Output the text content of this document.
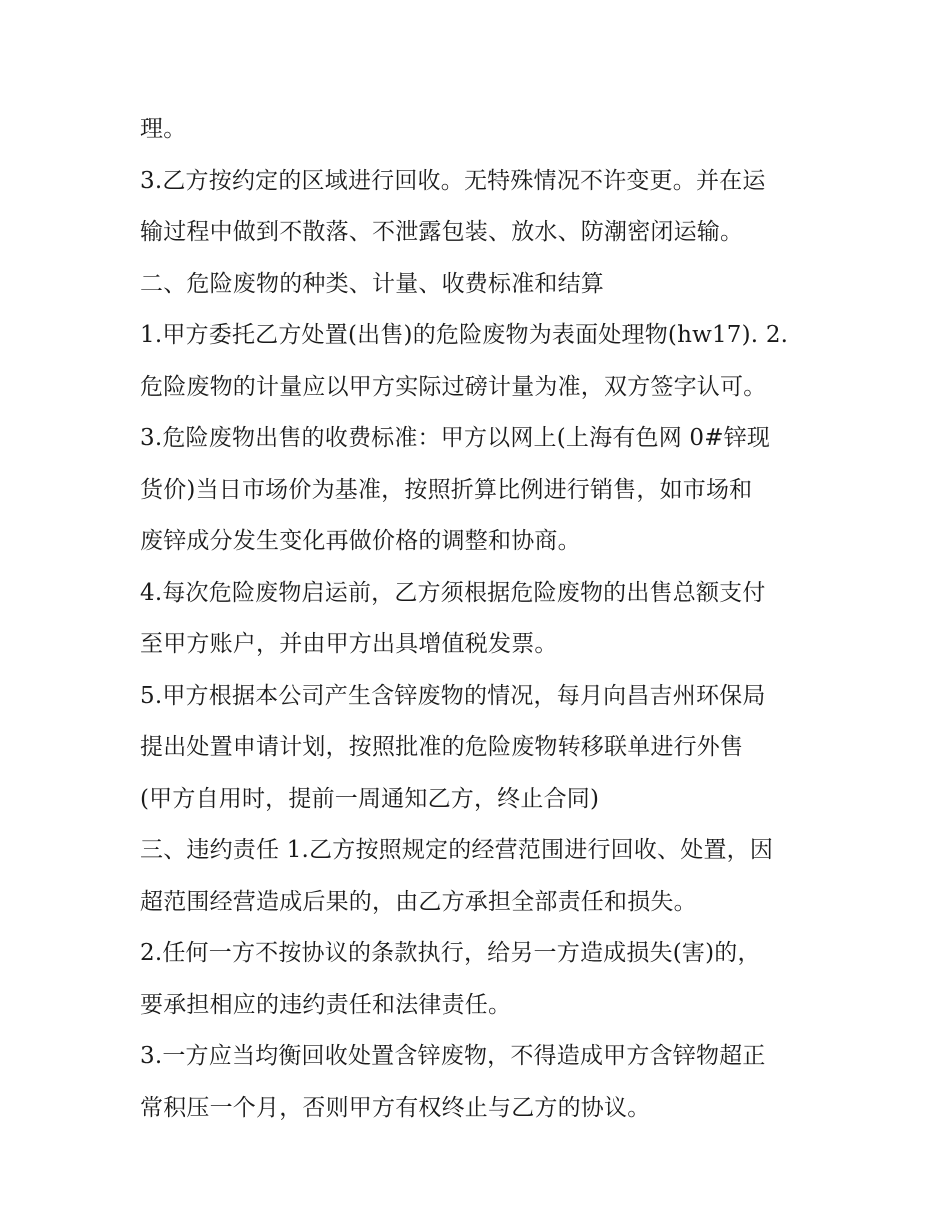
理。
3.乙方按约定的区域进行回收。无特殊情况不许变更。并在运
输过程中做到不散落、不泄露包装、放水、防潮密闭运输。
二、危险废物的种类、计量、收费标准和结算
1.甲方委托乙方处置(出售)的危险废物为表面处理物(hw17). 2.
危险废物的计量应以甲方实际过磅计量为准，双方签字认可。
3.危险废物出售的收费标准：甲方以网上(上海有色网 0#锌现
货价)当日市场价为基准，按照折算比例进行销售，如市场和
废锌成分发生变化再做价格的调整和协商。
4.每次危险废物启运前，乙方须根据危险废物的出售总额支付
至甲方账户，并由甲方出具增值税发票。
5.甲方根据本公司产生含锌废物的情况，每月向昌吉州环保局
提出处置申请计划，按照批准的危险废物转移联单进行外售
(甲方自用时，提前一周通知乙方，终止合同)
三、违约责任 1.乙方按照规定的经营范围进行回收、处置，因
超范围经营造成后果的，由乙方承担全部责任和损失。
2.任何一方不按协议的条款执行，给另一方造成损失(害)的，
要承担相应的违约责任和法律责任。
3.一方应当均衡回收处置含锌废物，不得造成甲方含锌物超正
常积压一个月，否则甲方有权终止与乙方的协议。
